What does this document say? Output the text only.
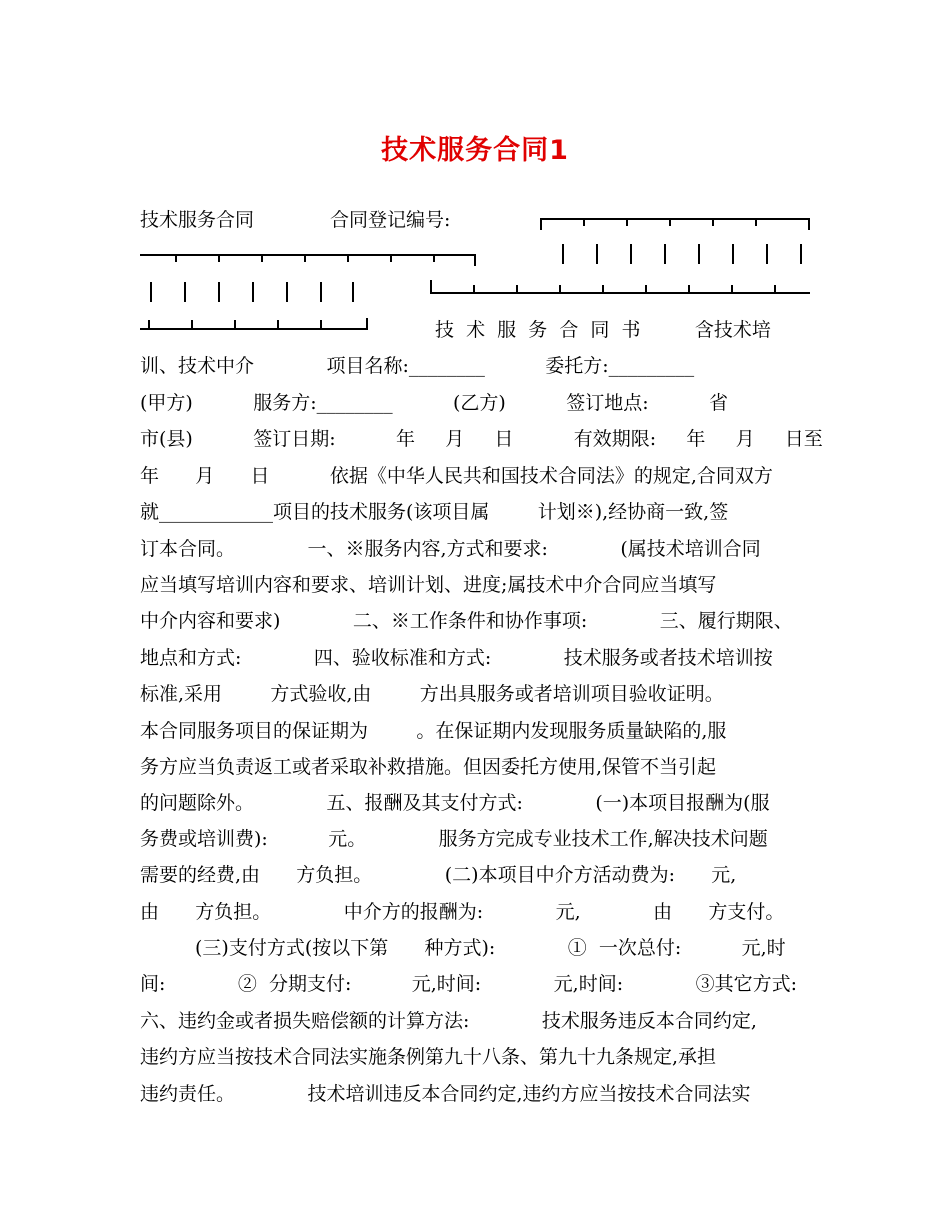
技术服务合同1
技术服务合同	合同登记编号:
技  术  服  务  合  同  书         含技术培
训、技术中介            项目名称:________          委托方:_________
(甲方)          服务方:________          (乙方)          签订地点:          省
市(县)          签订日期:          年     月     日          有效期限:     年     月     日至
年      月      日          依据《中华人民共和国技术合同法》的规定,合同双方
就____________项目的技术服务(该项目属        计划※),经协商一致,签
订本合同。            一、※服务内容,方式和要求:            (属技术培训合同
应当填写培训内容和要求、培训计划、进度;属技术中介合同应当填写
中介内容和要求)            二、※工作条件和协作事项:            三、履行期限、
地点和方式:            四、验收标准和方式:            技术服务或者技术培训按
标准,采用        方式验收,由        方出具服务或者培训项目验收证明。
本合同服务项目的保证期为        。在保证期内发现服务质量缺陷的,服
务方应当负责返工或者采取补救措施。但因委托方使用,保管不当引起
的问题除外。            五、报酬及其支付方式:            (一)本项目报酬为(服
务费或培训费):          元。            服务方完成专业技术工作,解决技术问题
需要的经费,由      方负担。            (二)本项目中介方活动费为:      元,
由      方负担。            中介方的报酬为:            元,            由      方支付。
(三)支付方式(按以下第      种方式):            ①  一次总付:          元,时
间:            ②  分期支付:          元,时间:            元,时间:            ③其它方式:
六、违约金或者损失赔偿额的计算方法:            技术服务违反本合同约定,
违约方应当按技术合同法实施条例第九十八条、第九十九条规定,承担
违约责任。            技术培训违反本合同约定,违约方应当按技术合同法实
